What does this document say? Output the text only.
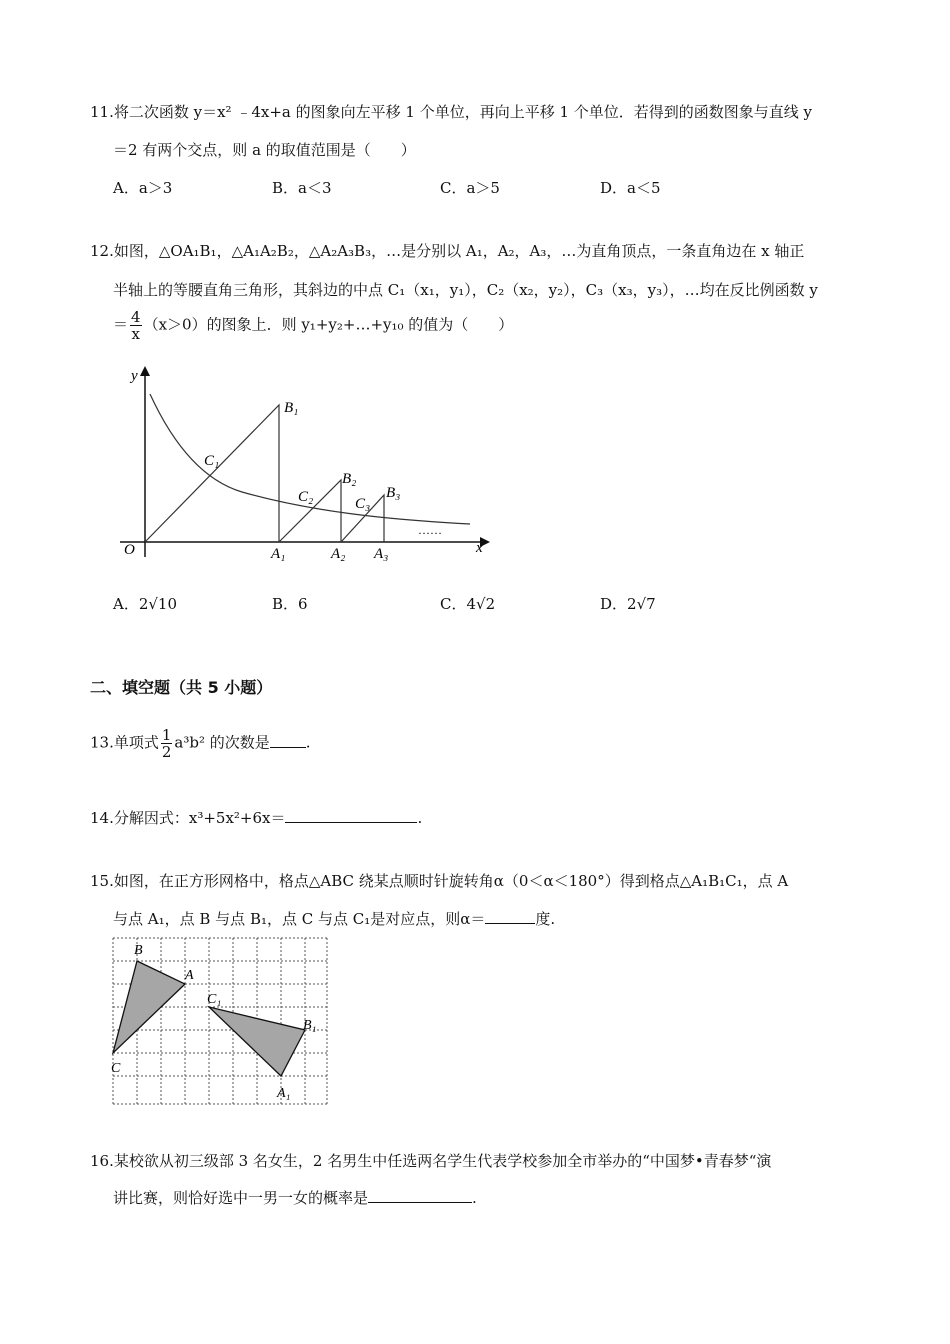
11.将二次函数 y＝x² ﹣4x+a 的图象向左平移 1 个单位，再向上平移 1 个单位．若得到的函数图象与直线 y
＝2 有两个交点，则 a 的取值范围是（　　）
A．a＞3	B．a＜3	C．a＞5	D．a＜5
12.如图，△OA₁B₁，△A₁A₂B₂，△A₂A₃B₃，…是分别以 A₁，A₂，A₃，…为直角顶点，一条直角边在 x 轴正
半轴上的等腰直角三角形，其斜边的中点 C₁（x₁，y₁），C₂（x₂，y₂），C₃（x₃，y₃），…均在反比例函数 y
＝ $\frac{4}{x} (x>0)$的图象上．则 y₁+y₂+…+y₁₀ 的值为（　　）
y
x
O
B₁
C₁
B₂
C₂	C₃
B₃
A₁	A₂ A₃
……
A．2√10	B．6	C．4√2	D．2√7
二、填空题（共 5 小题）
13.单项式 $\frac{1}{2} a^3b^2$ 的次数是 .
14.分解因式：x³+5x²+6x＝	.
15.如图，在正方形网格中，格点△ABC 绕某点顺时针旋转角α（0＜α＜180°）得到格点△A₁B₁C₁，点 A
与点 A₁，点 B 与点 B₁，点 C 与点 C₁是对应点，则α＝	度.
B
A
C
C₁
B₁
A₁
16.某校欲从初三级部 3 名女生，2 名男生中任选两名学生代表学校参加全市举办的“中国梦•青春梦“演
讲比赛，则恰好选中一男一女的概率是	.
